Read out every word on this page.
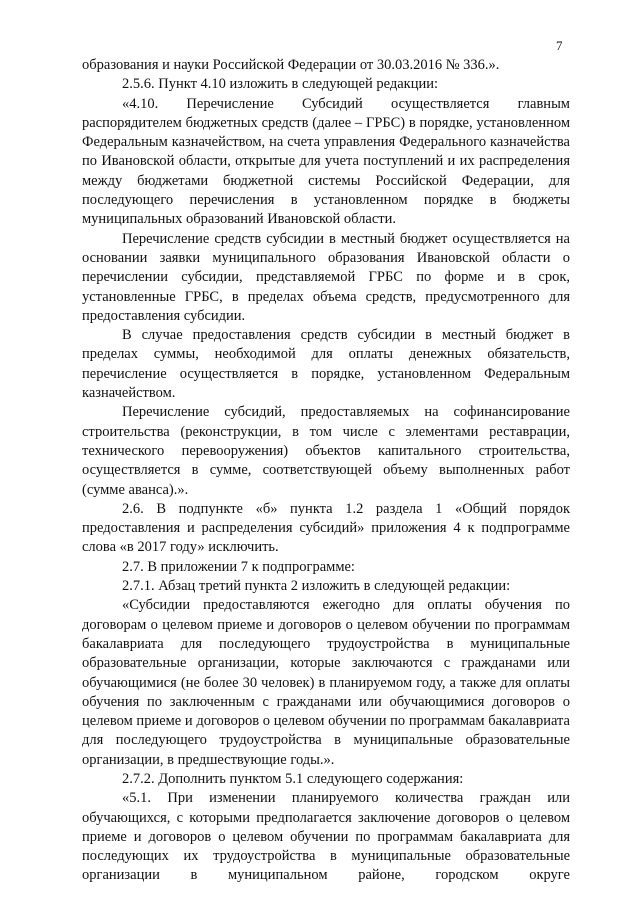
7

образования и науки Российской Федерации от 30.03.2016 № 336.».

2.5.6. Пункт 4.10 изложить в следующей редакции:

«4.10. Перечисление Субсидий осуществляется главным распорядителем бюджетных средств (далее – ГРБС) в порядке, установленном Федеральным казначейством, на счета управления Федерального казначейства по Ивановской области, открытые для учета поступлений и их распределения между бюджетами бюджетной системы Российской Федерации, для последующего перечисления в установленном порядке в бюджеты муниципальных образований Ивановской области.

Перечисление средств субсидии в местный бюджет осуществляется на основании заявки муниципального образования Ивановской области о перечислении субсидии, представляемой ГРБС по форме и в срок, установленные ГРБС, в пределах объема средств, предусмотренного для предоставления субсидии.

В случае предоставления средств субсидии в местный бюджет в пределах суммы, необходимой для оплаты денежных обязательств, перечисление осуществляется в порядке, установленном Федеральным казначейством.

Перечисление субсидий, предоставляемых на софинансирование строительства (реконструкции, в том числе с элементами реставрации, технического перевооружения) объектов капитального строительства, осуществляется в сумме, соответствующей объему выполненных работ (сумме аванса).».

2.6. В подпункте «б» пункта 1.2 раздела 1 «Общий порядок предоставления и распределения субсидий» приложения 4 к подпрограмме слова «в 2017 году» исключить.

2.7. В приложении 7 к подпрограмме:

2.7.1. Абзац третий пункта 2 изложить в следующей редакции:

«Субсидии предоставляются ежегодно для оплаты обучения по договорам о целевом приеме и договоров о целевом обучении по программам бакалавриата для последующего трудоустройства в муниципальные образовательные организации, которые заключаются с гражданами или обучающимися (не более 30 человек) в планируемом году, а также для оплаты обучения по заключенным с гражданами или обучающимися договоров о целевом приеме и договоров о целевом обучении по программам бакалавриата для последующего трудоустройства в муниципальные образовательные организации, в предшествующие годы.».

2.7.2. Дополнить пунктом 5.1 следующего содержания:

«5.1. При изменении планируемого количества граждан или обучающихся, с которыми предполагается заключение договоров о целевом приеме и договоров о целевом обучении по программам бакалавриата для последующих их трудоустройства в муниципальные образовательные организации в муниципальном районе, городском округе
